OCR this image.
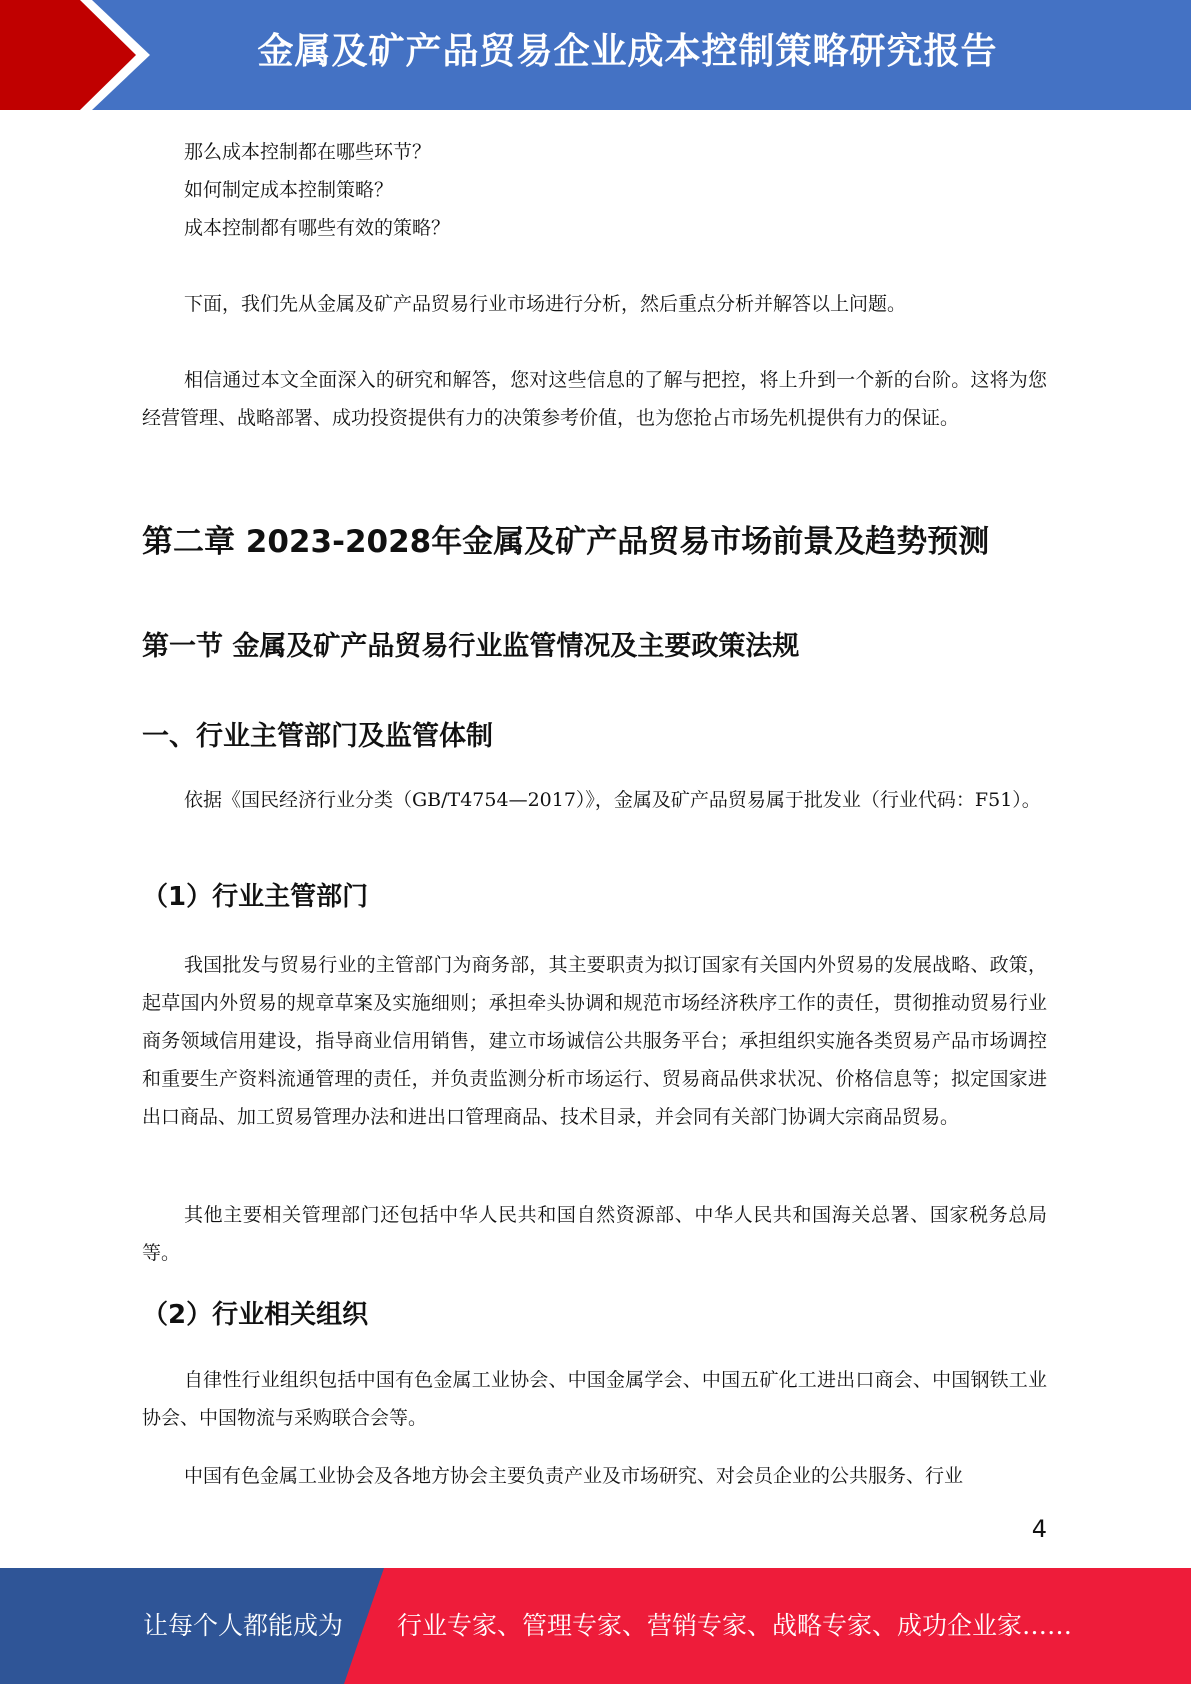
金属及矿产品贸易企业成本控制策略研究报告

那么成本控制都在哪些环节？

如何制定成本控制策略？

成本控制都有哪些有效的策略？

下面，我们先从金属及矿产品贸易行业市场进行分析，然后重点分析并解答以上问题。

相信通过本文全面深入的研究和解答，您对这些信息的了解与把控，将上升到一个新的台阶。这将为您经营管理、战略部署、成功投资提供有力的决策参考价值，也为您抢占市场先机提供有力的保证。

第二章 2023-2028年金属及矿产品贸易市场前景及趋势预测
第一节 金属及矿产品贸易行业监管情况及主要政策法规
一、行业主管部门及监管体制

依据《国民经济行业分类（GB/T4754—2017）》，金属及矿产品贸易属于批发业（行业代码：F51）。

（1）行业主管部门

我国批发与贸易行业的主管部门为商务部，其主要职责为拟订国家有关国内外贸易的发展战略、政策，起草国内外贸易的规章草案及实施细则；承担牵头协调和规范市场经济秩序工作的责任，贯彻推动贸易行业商务领域信用建设，指导商业信用销售，建立市场诚信公共服务平台；承担组织实施各类贸易产品市场调控和重要生产资料流通管理的责任，并负责监测分析市场运行、贸易商品供求状况、价格信息等；拟定国家进出口商品、加工贸易管理办法和进出口管理商品、技术目录，并会同有关部门协调大宗商品贸易。

其他主要相关管理部门还包括中华人民共和国自然资源部、中华人民共和国海关总署、国家税务总局等。

（2）行业相关组织

自律性行业组织包括中国有色金属工业协会、中国金属学会、中国五矿化工进出口商会、中国钢铁工业协会、中国物流与采购联合会等。

中国有色金属工业协会及各地方协会主要负责产业及市场研究、对会员企业的公共服务、行业

4
让每个人都能成为 行业专家、管理专家、营销专家、战略专家、成功企业家……
